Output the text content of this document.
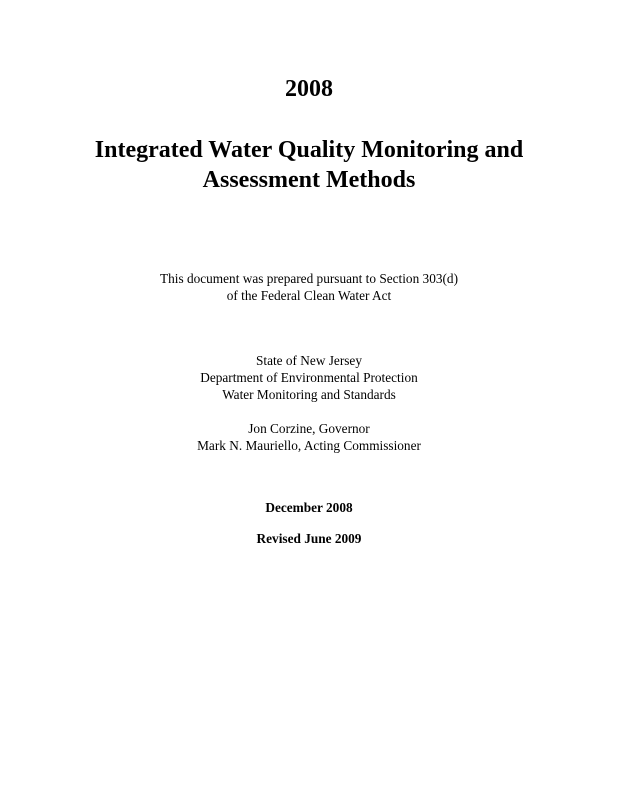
2008
Integrated Water Quality Monitoring and
Assessment Methods
This document was prepared pursuant to Section 303(d)
of the Federal Clean Water Act
State of New Jersey
Department of Environmental Protection
Water Monitoring and Standards
Jon Corzine, Governor
Mark N. Mauriello, Acting Commissioner
December 2008
Revised June 2009
